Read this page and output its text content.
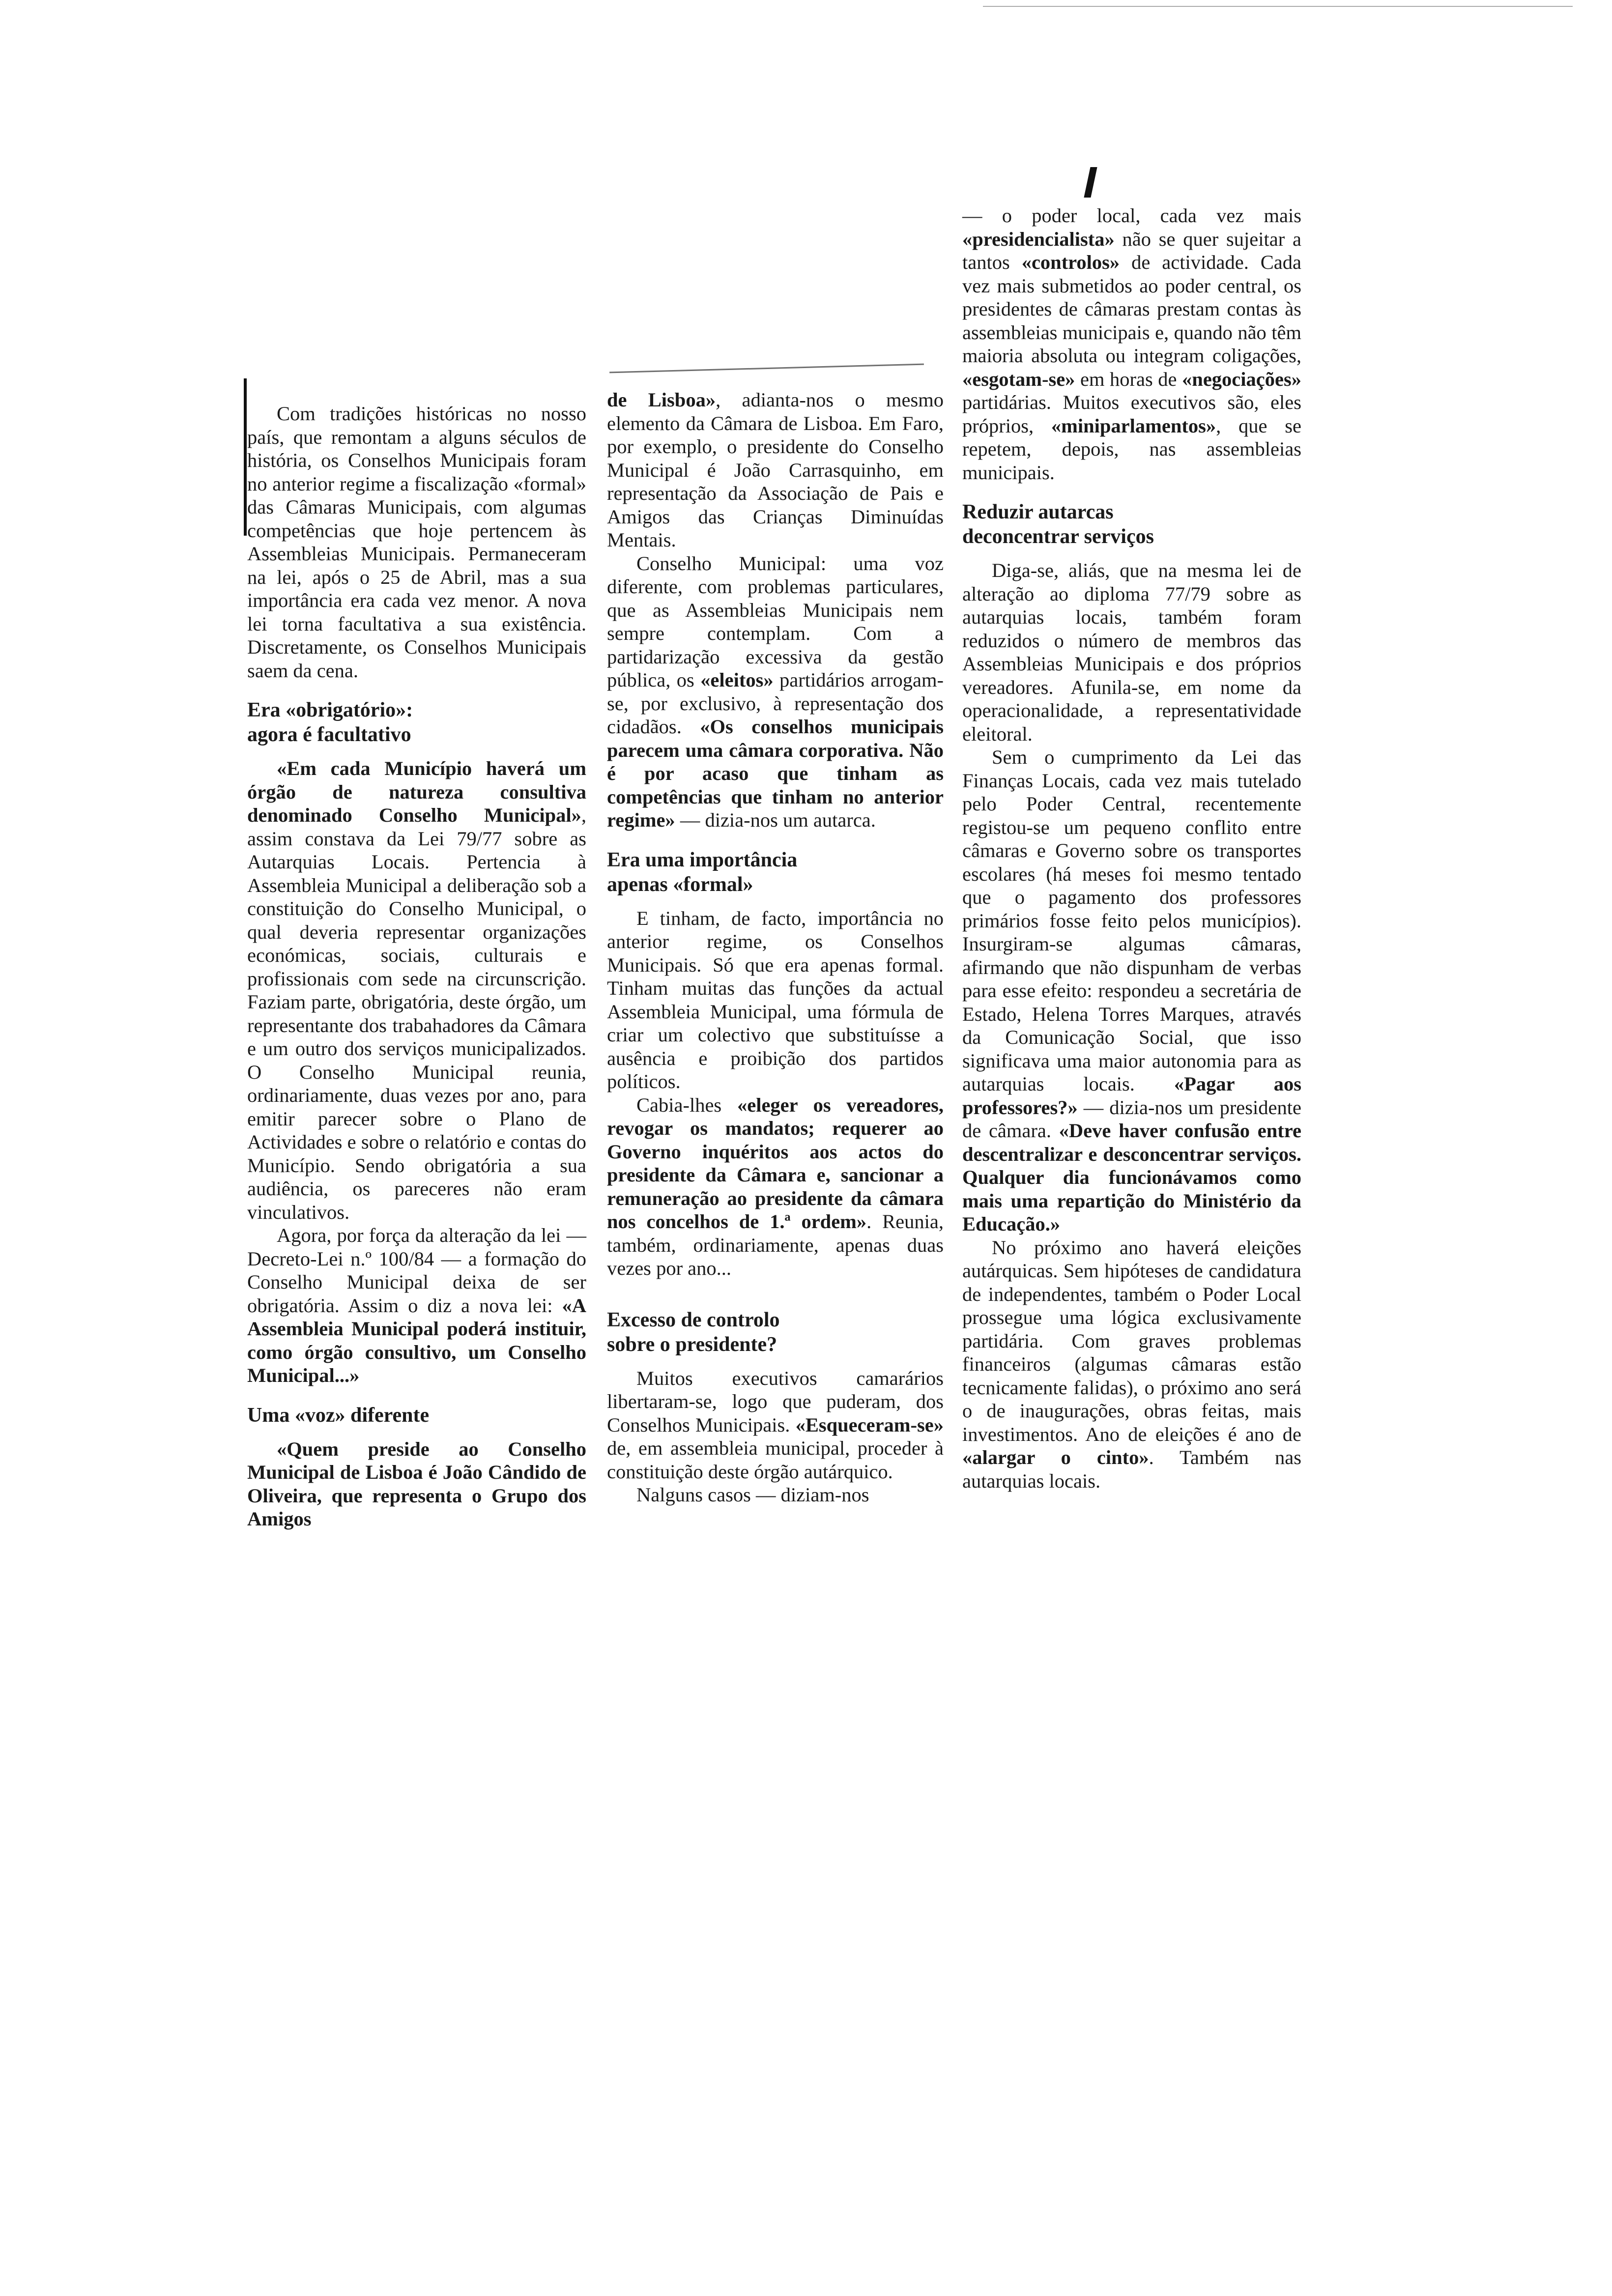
Com tradições históricas no nosso país, que remontam a alguns séculos de história, os Conselhos Municipais foram no anterior regime a fiscalização «formal» das Câmaras Municipais, com algumas competências que hoje pertencem às Assembleias Municipais. Permaneceram na lei, após o 25 de Abril, mas a sua importância era cada vez menor. A nova lei torna facultativa a sua existência. Discretamente, os Conselhos Municipais saem da cena.

Era «obrigatório»:
agora é facultativo

«Em cada Município haverá um órgão de natureza consultiva denominado Conselho Municipal», assim constava da Lei 79/77 sobre as Autarquias Locais. Pertencia à Assembleia Municipal a deliberação sob a constituição do Conselho Municipal, o qual deveria representar organizações económicas, sociais, culturais e profissionais com sede na circunscrição. Faziam parte, obrigatória, deste órgão, um representante dos trabahadores da Câmara e um outro dos serviços municipalizados. O Conselho Municipal reunia, ordinariamente, duas vezes por ano, para emitir parecer sobre o Plano de Actividades e sobre o relatório e contas do Município. Sendo obrigatória a sua audiência, os pareceres não eram vinculativos.

Agora, por força da alteração da lei — Decreto-Lei n.º 100/84 — a formação do Conselho Municipal deixa de ser obrigatória. Assim o diz a nova lei: «A Assembleia Municipal poderá instituir, como órgão consultivo, um Conselho Municipal...»

Uma «voz» diferente

«Quem preside ao Conselho Municipal de Lisboa é João Cândido de Oliveira, que representa o Grupo dos Amigos

de Lisboa», adianta-nos o mesmo elemento da Câmara de Lisboa. Em Faro, por exemplo, o presidente do Conselho Municipal é João Carrasquinho, em representação da Associação de Pais e Amigos das Crianças Diminuídas Mentais.

Conselho Municipal: uma voz diferente, com problemas particulares, que as Assembleias Municipais nem sempre contemplam. Com a partidarização excessiva da gestão pública, os «eleitos» partidários arrogam-se, por exclusivo, à representação dos cidadãos. «Os conselhos municipais parecem uma câmara corporativa. Não é por acaso que tinham as competências que tinham no anterior regime» — dizia-nos um autarca.

Era uma importância
apenas «formal»

E tinham, de facto, importância no anterior regime, os Conselhos Municipais. Só que era apenas formal. Tinham muitas das funções da actual Assembleia Municipal, uma fórmula de criar um colectivo que substituísse a ausência e proibição dos partidos políticos.

Cabia-lhes «eleger os vereadores, revogar os mandatos; requerer ao Governo inquéritos aos actos do presidente da Câmara e, sancionar a remuneração ao presidente da câmara nos concelhos de 1.ª ordem». Reunia, também, ordinariamente, apenas duas vezes por ano...

Excesso de controlo
sobre o presidente?

Muitos executivos camarários libertaram-se, logo que puderam, dos Conselhos Municipais. «Esqueceram-se» de, em assembleia municipal, proceder à constituição deste órgão autárquico.

Nalguns casos — diziam-nos

— o poder local, cada vez mais «presidencialista» não se quer sujeitar a tantos «controlos» de actividade. Cada vez mais submetidos ao poder central, os presidentes de câmaras prestam contas às assembleias municipais e, quando não têm maioria absoluta ou integram coligações, «esgotam-se» em horas de «negociações» partidárias. Muitos executivos são, eles próprios, «miniparlamentos», que se repetem, depois, nas assembleias municipais.

Reduzir autarcas
deconcentrar serviços

Diga-se, aliás, que na mesma lei de alteração ao diploma 77/79 sobre as autarquias locais, também foram reduzidos o número de membros das Assembleias Municipais e dos próprios vereadores. Afunila-se, em nome da operacionalidade, a representatividade eleitoral.

Sem o cumprimento da Lei das Finanças Locais, cada vez mais tutelado pelo Poder Central, recentemente registou-se um pequeno conflito entre câmaras e Governo sobre os transportes escolares (há meses foi mesmo tentado que o pagamento dos professores primários fosse feito pelos municípios). Insurgiram-se algumas câmaras, afirmando que não dispunham de verbas para esse efeito: respondeu a secretária de Estado, Helena Torres Marques, através da Comunicação Social, que isso significava uma maior autonomia para as autarquias locais. «Pagar aos professores?» — dizia-nos um presidente de câmara. «Deve haver confusão entre descentralizar e desconcentrar serviços. Qualquer dia funcionávamos como mais uma repartição do Ministério da Educação.»

No próximo ano haverá eleições autárquicas. Sem hipóteses de candidatura de independentes, também o Poder Local prossegue uma lógica exclusivamente partidária. Com graves problemas financeiros (algumas câmaras estão tecnicamente falidas), o próximo ano será o de inaugurações, obras feitas, mais investimentos. Ano de eleições é ano de «alargar o cinto». Também nas autarquias locais.
